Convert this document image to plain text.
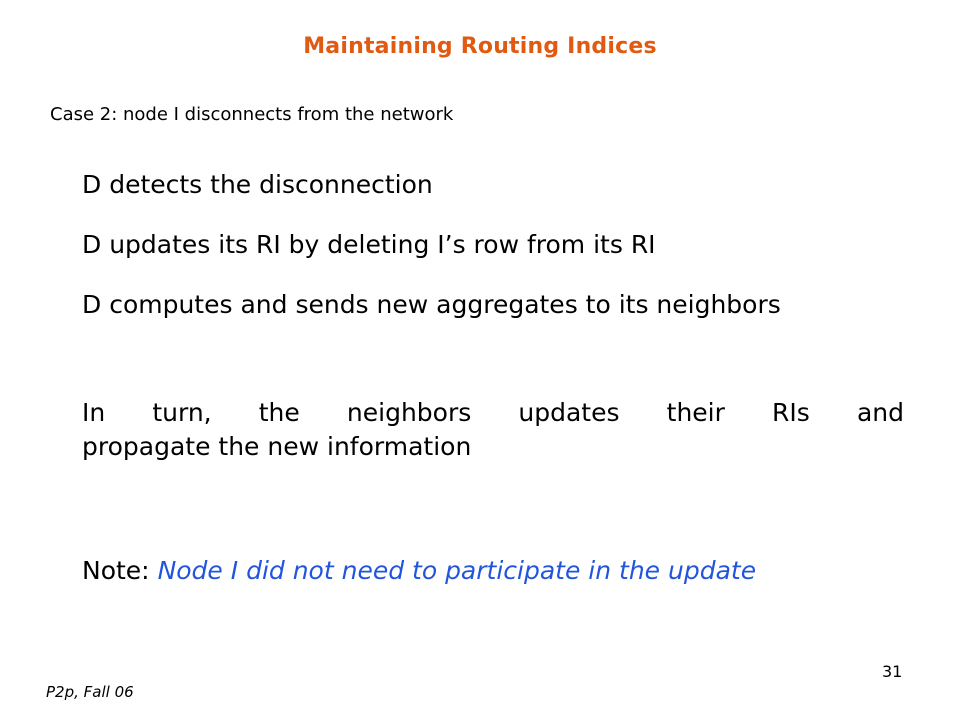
Maintaining Routing Indices
Case 2: node I disconnects from the network
D detects the disconnection
D updates its RI by deleting I’s row from its RI
D computes and sends new aggregates to its neighbors
In turn, the neighbors updates their RIs and
propagate the new information
Note: Node I did not need to participate in the update
31
P2p, Fall 06
